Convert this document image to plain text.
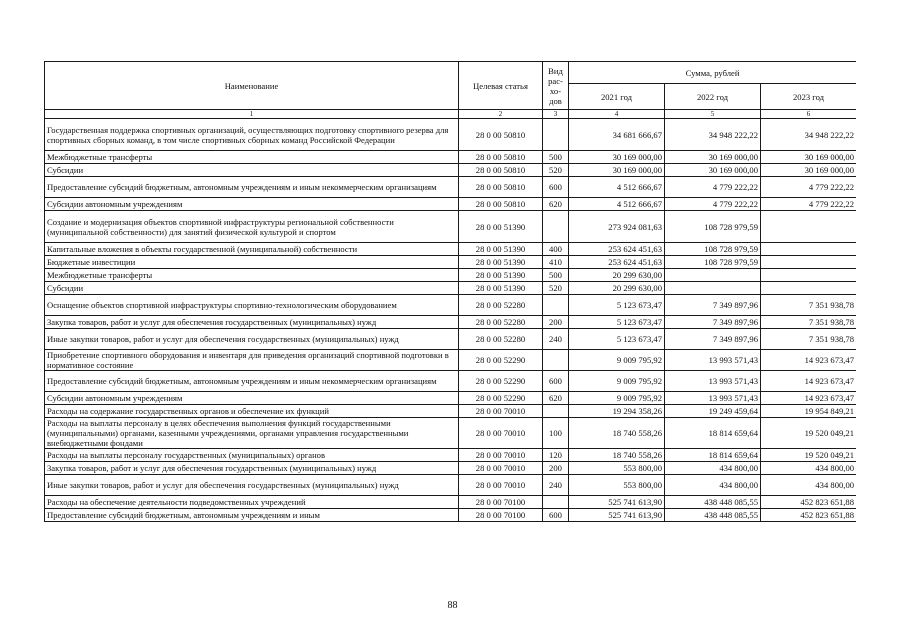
Наименование	Целевая статья	Вид рас- хо- дов	Сумма, рублей		
			2021 год	2022 год	2023 год
1	2	3	4	5	6
Государственная поддержка спортивных организаций, осуществляющих подготовку спортивного резерва для спортивных сборных команд, в том числе спортивных сборных команд Российской Федерации	28 0 00 50810		34 681 666,67	34 948 222,22	34 948 222,22
Межбюджетные трансферты	28 0 00 50810	500	30 169 000,00	30 169 000,00	30 169 000,00
Субсидии	28 0 00 50810	520	30 169 000,00	30 169 000,00	30 169 000,00
Предоставление субсидий бюджетным, автономным учреждениям и иным некоммерческим организациям	28 0 00 50810	600	4 512 666,67	4 779 222,22	4 779 222,22
Субсидии автономным учреждениям	28 0 00 50810	620	4 512 666,67	4 779 222,22	4 779 222,22
Создание и модернизация объектов спортивной инфраструктуры региональной собственности (муниципальной собственности) для занятий физической культурой и спортом	28 0 00 51390		273 924 081,63	108 728 979,59	
Капитальные вложения в объекты государственной (муниципальной) собственности	28 0 00 51390	400	253 624 451,63	108 728 979,59	
Бюджетные инвестиции	28 0 00 51390	410	253 624 451,63	108 728 979,59	
Межбюджетные трансферты	28 0 00 51390	500	20 299 630,00		
Субсидии	28 0 00 51390	520	20 299 630,00		
Оснащение объектов спортивной инфраструктуры спортивно-технологическим оборудованием	28 0 00 52280		5 123 673,47	7 349 897,96	7 351 938,78
Закупка товаров, работ и услуг для обеспечения государственных (муниципальных) нужд	28 0 00 52280	200	5 123 673,47	7 349 897,96	7 351 938,78
Иные закупки товаров, работ и услуг для обеспечения государственных (муниципальных) нужд	28 0 00 52280	240	5 123 673,47	7 349 897,96	7 351 938,78
Приобретение спортивного оборудования и инвентаря для приведения организаций спортивной подготовки в нормативное состояние	28 0 00 52290		9 009 795,92	13 993 571,43	14 923 673,47
Предоставление субсидий бюджетным, автономным учреждениям и иным некоммерческим организациям	28 0 00 52290	600	9 009 795,92	13 993 571,43	14 923 673,47
Субсидии автономным учреждениям	28 0 00 52290	620	9 009 795,92	13 993 571,43	14 923 673,47
Расходы на содержание государственных органов и обеспечение их функций	28 0 00 70010		19 294 358,26	19 249 459,64	19 954 849,21
Расходы на выплаты персоналу в целях обеспечения выполнения функций государственными (муниципальными) органами, казенными учреждениями, органами управления государственными внебюджетными фондами	28 0 00 70010	100	18 740 558,26	18 814 659,64	19 520 049,21
Расходы на выплаты персоналу государственных (муниципальных) органов	28 0 00 70010	120	18 740 558,26	18 814 659,64	19 520 049,21
Закупка товаров, работ и услуг для обеспечения государственных (муниципальных) нужд	28 0 00 70010	200	553 800,00	434 800,00	434 800,00
Иные закупки товаров, работ и услуг для обеспечения государственных (муниципальных) нужд	28 0 00 70010	240	553 800,00	434 800,00	434 800,00
Расходы на обеспечение деятельности подведомственных учреждений	28 0 00 70100		525 741 613,90	438 448 085,55	452 823 651,88
Предоставление субсидий бюджетным, автономным учреждениям и иным	28 0 00 70100	600	525 741 613,90	438 448 085,55	452 823 651,88
88
